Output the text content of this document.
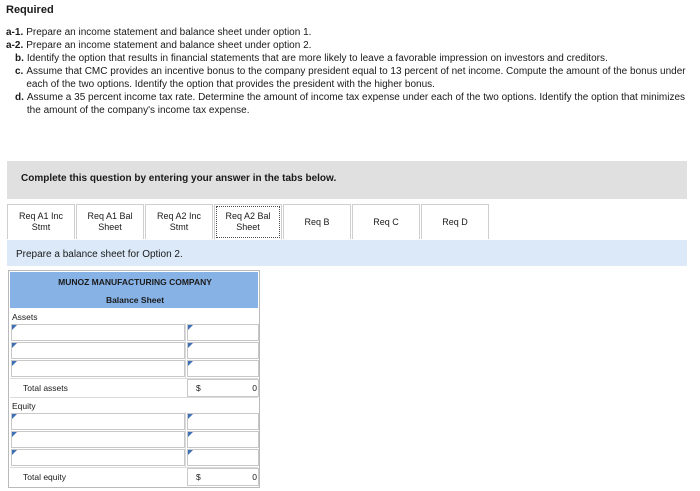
Required
a-1. Prepare an income statement and balance sheet under option 1.
a-2. Prepare an income statement and balance sheet under option 2.
b. Identify the option that results in financial statements that are more likely to leave a favorable impression on investors and creditors.
c. Assume that CMC provides an incentive bonus to the company president equal to 13 percent of net income. Compute the amount of the bonus under each of the two options. Identify the option that provides the president with the higher bonus.
d. Assume a 35 percent income tax rate. Determine the amount of income tax expense under each of the two options. Identify the option that minimizes the amount of the company's income tax expense.
Complete this question by entering your answer in the tabs below.
Req A1 Inc Stmt
Req A1 Bal Sheet
Req A2 Inc Stmt
Req A2 Bal Sheet
Req B	Req C	Req D
Prepare a balance sheet for Option 2.
MUNOZ MANUFACTURING COMPANY
Balance Sheet
Assets
Total assets	$	0
Equity
Total equity	$	0
